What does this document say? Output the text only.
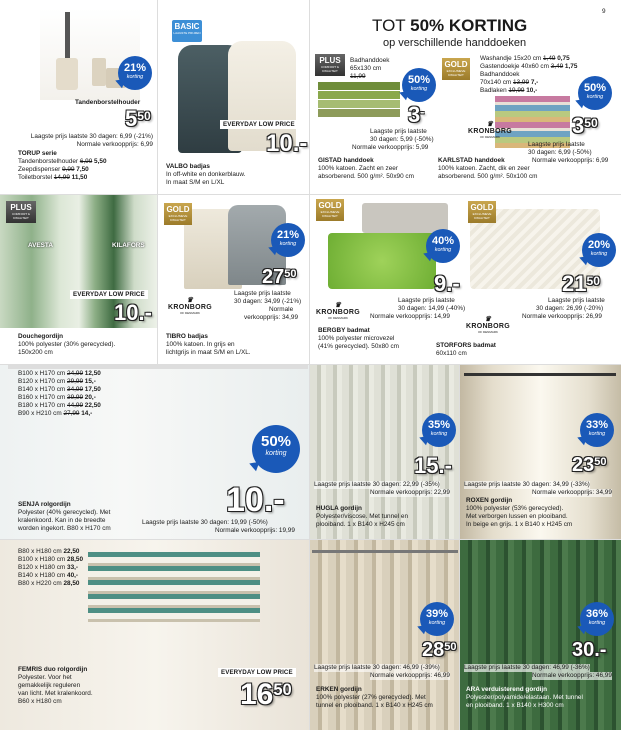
21%
korting
Tandenborstelhouder
$5^{50}$
Laagste prijs laatste 30 dagen: 6,99 (-21%)
Normale verkoopprijs: 6,99
TORUP serie
Tandenborstelhouder 6,99 5,50
Zeepdispenser 9,99 7,50
Toiletborstel 14,99 11,50
BASIC
LAAGSTE PRIJZEN
EVERYDAY LOW PRICE
10.-
VALBO badjas
In off-white en donkerblauw.
In maat S/M en L/XL
9
TOT 50% KORTING
op verschillende handdoeken
PLUS
COMFORT & KWALITEIT
Badhanddoek
65x130 cm
11,99	50%
korting
3-
Laagste prijs laatste
30 dagen: 5,99 (-50%)
Normale verkoopprijs: 5,99
GISTAD handdoek
100% katoen. Zacht en zeer
absorberend. 500 g/m². 50x90 cm
GOLD
EXCLUSIEVE KWALITEIT
Washandje 15x20 cm 1,49 0,75
Gastendoekje 40x60 cm 3,49 1,75
Badhanddoek
70x140 cm 13,99 7,-
Badlaken 19,99 10,-	50%
korting
♛
KRONBORG
OF DENMARK	$3^{50}$
Laagste prijs laatste
30 dagen: 6,99 (-50%)
KARLSTAD handdoek	Normale verkoopprijs: 6,99
100% katoen. Zacht, dik en zeer
absorberend. 500 g/m². 50x100 cm
PLUS
COMFORT & KWALITEIT
AVESTA	KILAFORS
EVERYDAY LOW PRICE
10.-
Douchegordijn
100% polyester (30% gerecycled).
150x200 cm
GOLD
EXCLUSIEVE KWALITEIT
21%
korting
$27^{50}$
♛
KRONBORG
OF DENMARK
Laagste prijs laatste
30 dagen: 34,99 (-21%)
Normale
verkoopprijs: 34,99
TIBRO badjas
100% katoen. In grijs en
lichtgrijs in maat S/M en L/XL.
GOLD
EXCLUSIEVE KWALITEIT
40%
korting
9.-
Laagste prijs laatste
30 dagen: 14,99 (-40%)
♛
KRONBORG
OF DENMARK	Normale verkoopprijs: 14,99
BERGBY badmat
100% polyester microvezel
(41% gerecycled). 50x80 cm
GOLD
EXCLUSIEVE KWALITEIT
20%
korting
$21^{50}$
Laagste prijs laatste
30 dagen: 26,99 (-20%)
Normale verkoopprijs: 26,99
♛
KRONBORG
OF DENMARK
STORFORS badmat
60x110 cm
B100 x H170 cm 24,99 12,50
B120 x H170 cm 29,99 15,-
B140 x H170 cm 34,99 17,50
B160 x H170 cm 39,99 20,-
B180 x H170 cm 44,99 22,50
B90 x H210 cm 27,99 14,-
50%
korting
10.-
SENJA rolgordijn
Polyester (40% gerecycled). Met
kralenkoord. Kan in de breedte
worden ingekort. B80 x H170 cm
Laagste prijs laatste 30 dagen: 19,99 (-50%)
Normale verkoopprijs: 19,99
35%
korting
15.-
Laagste prijs laatste 30 dagen: 22,99 (-35%)
Normale verkoopprijs: 22,99
HUGLA gordijn
Polyester/viscose. Met tunnel en
plooiband. 1 x B140 x H245 cm
33%
korting
$23^{50}$
Laagste prijs laatste 30 dagen: 34,99 (-33%)
Normale verkoopprijs: 34,99
ROXEN gordijn
100% polyester (53% gerecycled).
Met verborgen lussen en plooiband.
In beige en grijs. 1 x B140 x H245 cm
B80 x H180 cm 22,50
B100 x H180 cm 28,50
B120 x H180 cm 33,-
B140 x H180 cm 40,-
B80 x H220 cm 28,50
EVERYDAY LOW PRICE
$16^{50}$
FEMRIS duo rolgordijn
Polyester. Voor het
gemakkelijk reguleren
van licht. Met kralenkoord.
B60 x H180 cm
39%
korting
$28^{50}$
Laagste prijs laatste 30 dagen: 46,99 (-39%)
Normale verkoopprijs: 46,99
ERKEN gordijn
100% polyester (27% gerecycled). Met
tunnel en plooiband. 1 x B140 x H245 cm
36%
korting
30.-
Laagste prijs laatste 30 dagen: 46,99 (-36%)
Normale verkoopprijs: 46,99
ARA verduisterend gordijn
Polyester/polyamide/elastaan. Met tunnel
en plooiband. 1 x B140 x H300 cm
